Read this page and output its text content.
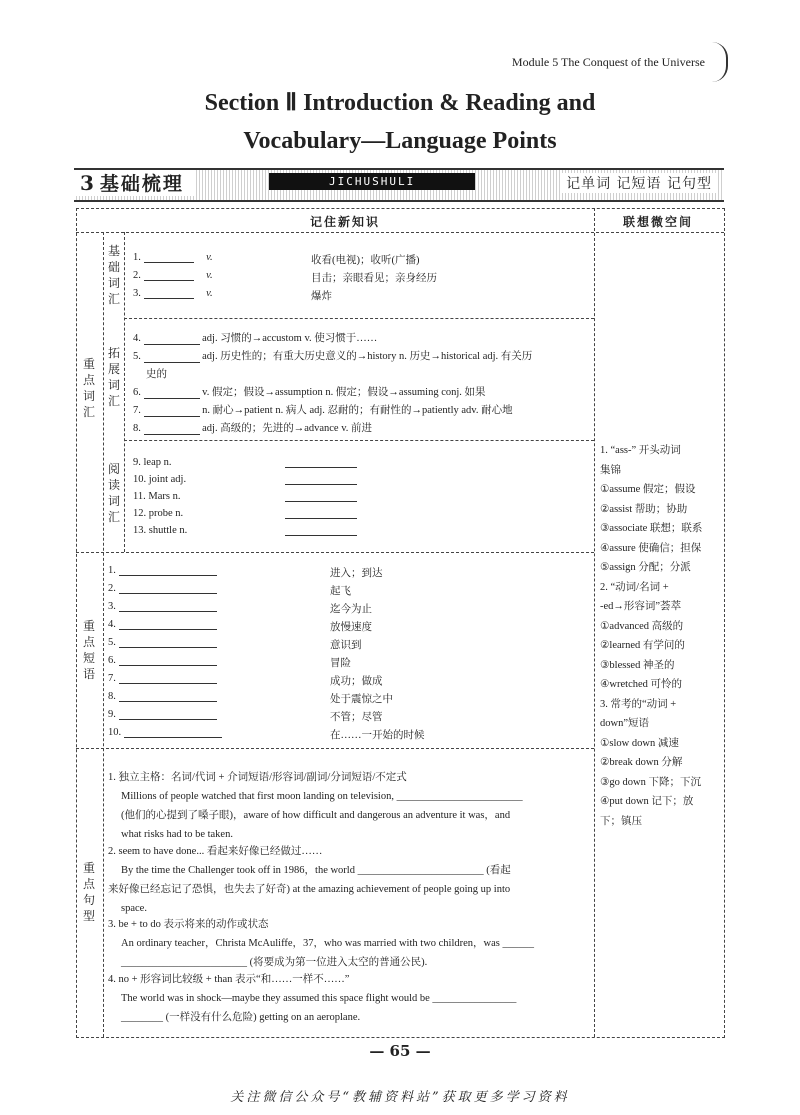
Module 5 The Conquest of the Universe
Section Ⅱ Introduction & Reading and
Vocabulary—Language Points
3 基础梳理	JICHUSHULI	记单词 记短语 记句型
记住新知识	联想微空间
重点词汇
基础词汇
拓展词汇
阅读词汇
重点短语
重点句型
1.	v.	收看(电视)；收听(广播)
2.	v.	目击；亲眼看见；亲身经历
3.	v.	爆炸
4.	adj. 习惯的→accustom v. 使习惯于……
5.	adj. 历史性的；有重大历史意义的→history n. 历史→historical adj. 有关历
史的
6.	v. 假定；假设→assumption n. 假定；假设→assuming conj. 如果
7.	n. 耐心→patient n. 病人 adj. 忍耐的；有耐性的→patiently adv. 耐心地
8.	adj. 高级的；先进的→advance v. 前进
9. leap n.
10. joint adj.
11. Mars n.
12. probe n.
13. shuttle n.
1.	进入；到达
2.	起飞
3.	迄今为止
4.	放慢速度
5.	意识到
6.	冒险
7.	成功；做成
8.	处于震惊之中
9.	不管；尽管
10.	在……一开始的时候
1. 独立主格：名词/代词 + 介词短语/形容词/副词/分词短语/不定式
Millions of people watched that first moon landing on television, ________________________
(他们的心提到了嗓子眼)，aware of how difficult and dangerous an adventure it was，and
what risks had to be taken.
2. seem to have done... 看起来好像已经做过……
By the time the Challenger took off in 1986，the world ________________________ (看起
来好像已经忘记了恐惧，也失去了好奇) at the amazing achievement of people going up into
space.
3. be + to do 表示将来的动作或状态
An ordinary teacher，Christa McAuliffe，37，who was married with two children，was ______
________________________ (将要成为第一位进入太空的普通公民).
4. no + 形容词比较级 + than 表示“和……一样不……”
The world was in shock—maybe they assumed this space flight would be ________________
________ (一样没有什么危险) getting on an aeroplane.
1. “ass-” 开头动词
集锦
①assume 假定；假设
②assist 帮助；协助
③associate 联想；联系
④assure 使确信；担保
⑤assign 分配；分派
2. “动词/名词 +
-ed→形容词”荟萃
①advanced 高级的
②learned 有学问的
③blessed 神圣的
④wretched 可怜的
3. 常考的“动词 +
down”短语
①slow down 减速
②break down 分解
③go down 下降；下沉
④put down 记下；放
下；镇压
— 65 —
关注微信公众号“教辅资料站”获取更多学习资料
